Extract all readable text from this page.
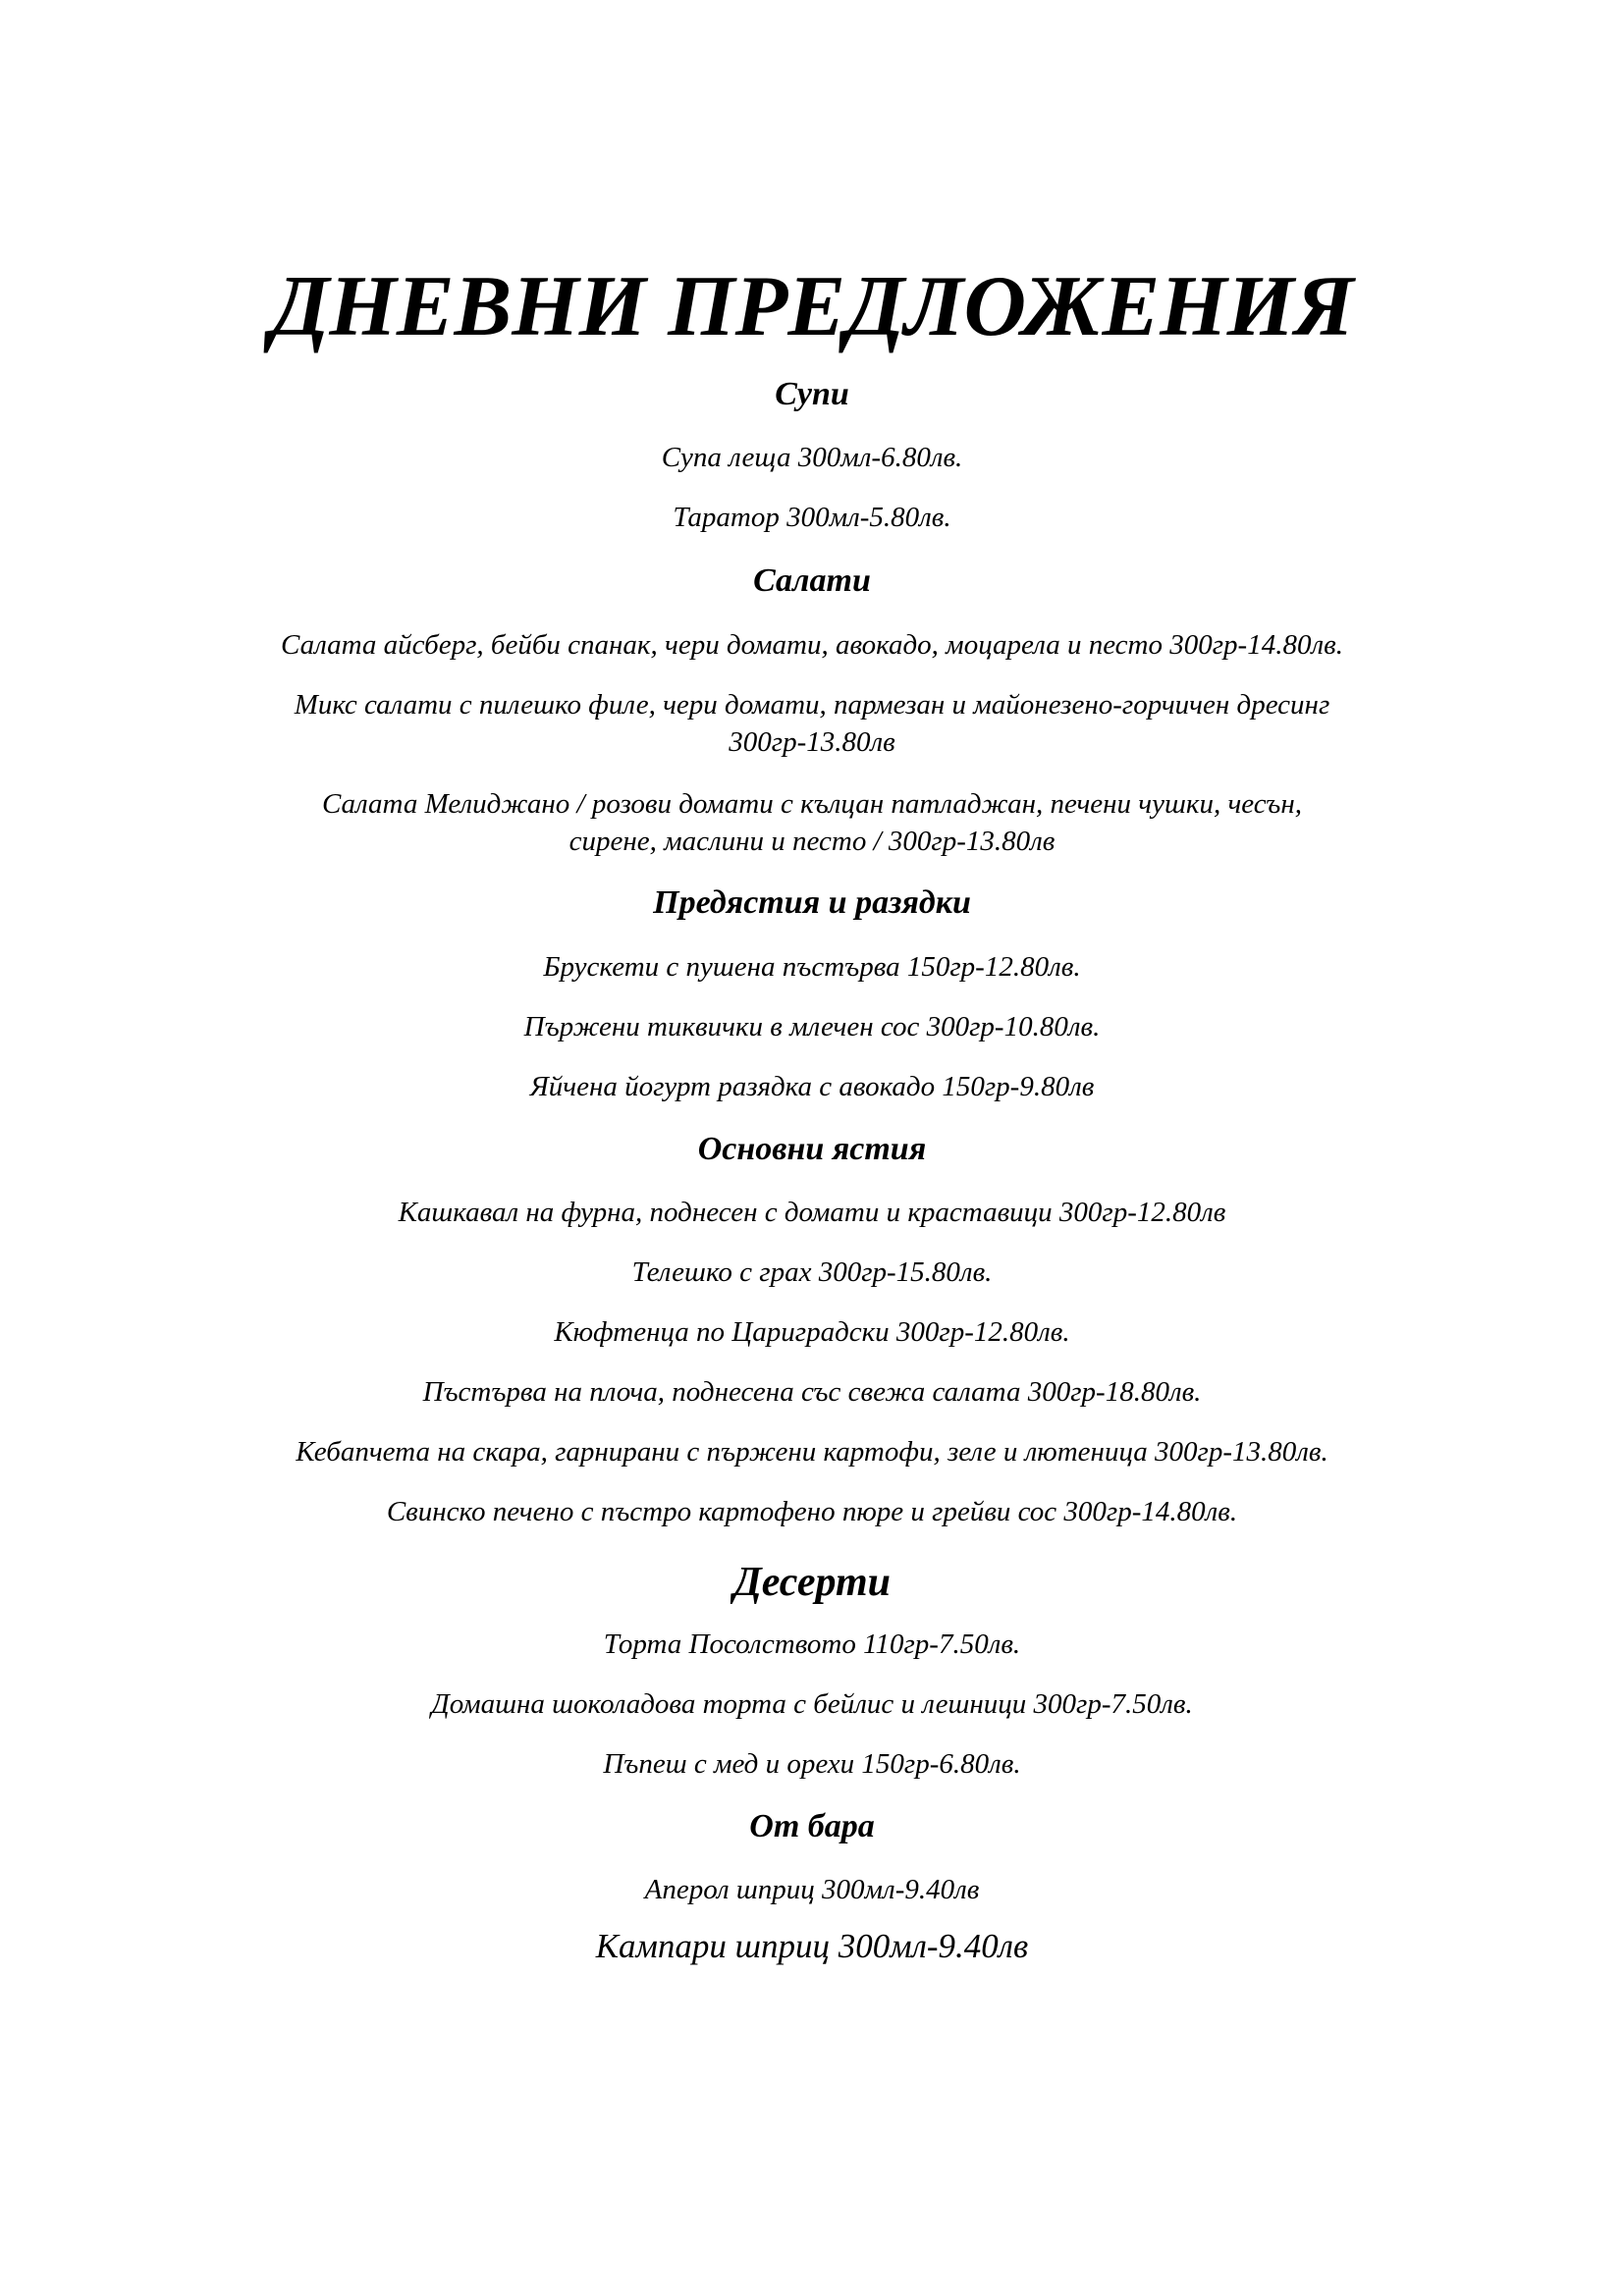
ДНЕВНИ ПРЕДЛОЖЕНИЯ
Супи
Супа леща 300мл-6.80лв.
Таратор 300мл-5.80лв.
Салати
Салата айсберг, бейби спанак, чери домати, авокадо, моцарела и песто 300гр-14.80лв.
Микс салати с пилешко филе, чери домати, пармезан и майонезено-горчичен дресинг
300гр-13.80лв
Салата Мелиджано / розови домати с кълцан патладжан, печени чушки, чесън,
сирене, маслини и песто / 300гр-13.80лв
Предястия и разядки
Брускети с пушена пъстърва 150гр-12.80лв.
Пържени тиквички в млечен сос 300гр-10.80лв.
Яйчена йогурт разядка с авокадо 150гр-9.80лв
Основни ястия
Кашкавал на фурна, поднесен с домати и краставици 300гр-12.80лв
Телешко с грах 300гр-15.80лв.
Кюфтенца по Цариградски 300гр-12.80лв.
Пъстърва на плоча, поднесена със свежа салата 300гр-18.80лв.
Кебапчета на скара, гарнирани с пържени картофи, зеле и лютеница 300гр-13.80лв.
Свинско печено с пъстро картофено пюре и грейви сос 300гр-14.80лв.
Десерти
Торта Посолството 110гр-7.50лв.
Домашна шоколадова торта с бейлис и лешници 300гр-7.50лв.
Пъпеш с мед и орехи 150гр-6.80лв.
От бара
Аперол шприц 300мл-9.40лв
Кампари шприц 300мл-9.40лв
